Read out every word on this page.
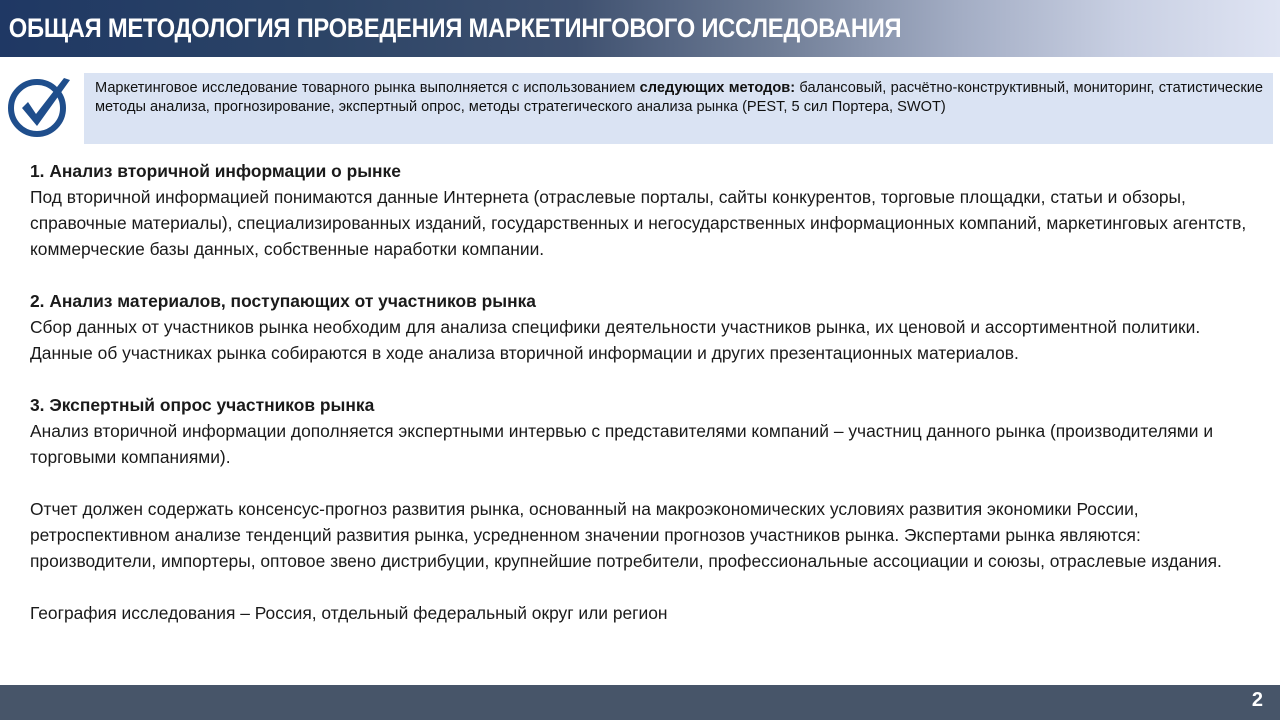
ОБЩАЯ МЕТОДОЛОГИЯ ПРОВЕДЕНИЯ МАРКЕТИНГОВОГО ИССЛЕДОВАНИЯ
Маркетинговое исследование товарного рынка выполняется с использованием следующих методов: балансовый, расчётно-конструктивный, мониторинг, статистические методы анализа, прогнозирование, экспертный опрос, методы стратегического анализа рынка (PEST, 5 сил Портера, SWOT)
1. Анализ вторичной информации о рынке
Под вторичной информацией понимаются данные Интернета (отраслевые порталы, сайты конкурентов, торговые площадки, статьи и обзоры, справочные материалы), специализированных изданий, государственных и негосударственных информационных компаний, маркетинговых агентств, коммерческие базы данных, собственные наработки компании.
2. Анализ материалов, поступающих от участников рынка
Сбор данных от участников рынка необходим для анализа специфики деятельности участников рынка, их ценовой и ассортиментной политики. Данные об участниках рынка собираются в ходе анализа вторичной информации и других презентационных материалов.
3. Экспертный опрос участников рынка
Анализ вторичной информации дополняется экспертными интервью с представителями компаний – участниц данного рынка (производителями и торговыми компаниями).
Отчет должен содержать консенсус-прогноз развития рынка, основанный на макроэкономических условиях развития экономики России, ретроспективном анализе тенденций развития рынка, усредненном значении прогнозов участников рынка. Экспертами рынка являются: производители, импортеры, оптовое звено дистрибуции, крупнейшие потребители, профессиональные ассоциации и союзы, отраслевые издания.
География исследования – Россия, отдельный федеральный округ или регион
2
